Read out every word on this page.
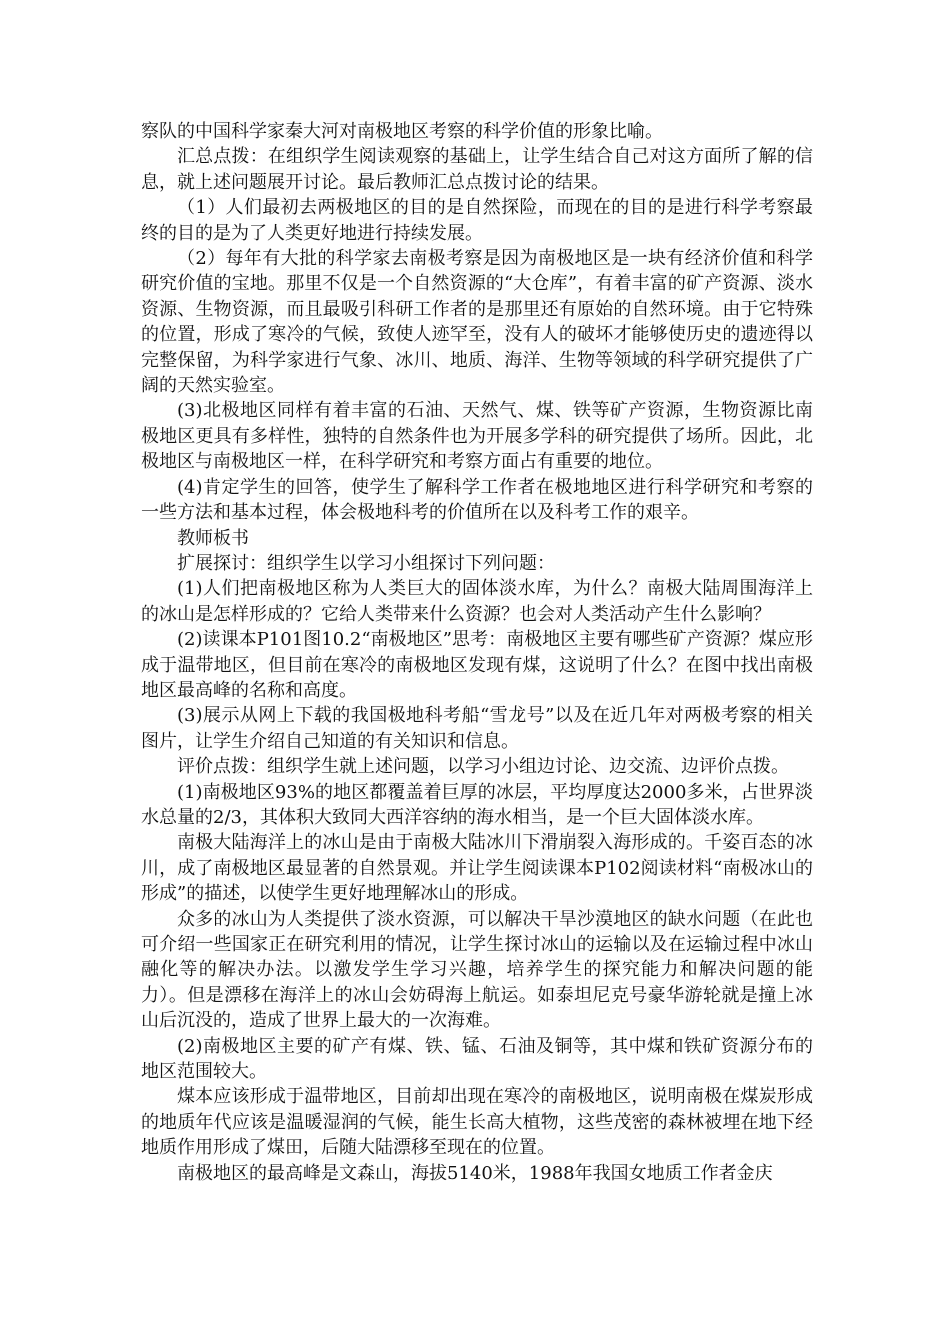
察队的中国科学家秦大河对南极地区考察的科学价值的形象比喻。

汇总点拨：在组织学生阅读观察的基础上，让学生结合自己对这方面所了解的信息，就上述问题展开讨论。最后教师汇总点拨讨论的结果。

（1）人们最初去两极地区的目的是自然探险，而现在的目的是进行科学考察最终的目的是为了人类更好地进行持续发展。

（2）每年有大批的科学家去南极考察是因为南极地区是一块有经济价值和科学研究价值的宝地。那里不仅是一个自然资源的“大仓库”，有着丰富的矿产资源、淡水资源、生物资源，而且最吸引科研工作者的是那里还有原始的自然环境。由于它特殊的位置，形成了寒冷的气候，致使人迹罕至，没有人的破坏才能够使历史的遗迹得以完整保留，为科学家进行气象、冰川、地质、海洋、生物等领域的科学研究提供了广阔的天然实验室。

(3)北极地区同样有着丰富的石油、天然气、煤、铁等矿产资源，生物资源比南极地区更具有多样性，独特的自然条件也为开展多学科的研究提供了场所。因此，北极地区与南极地区一样，在科学研究和考察方面占有重要的地位。

(4)肯定学生的回答，使学生了解科学工作者在极地地区进行科学研究和考察的一些方法和基本过程，体会极地科考的价值所在以及科考工作的艰辛。

教师板书

扩展探讨：组织学生以学习小组探讨下列问题：

(1)人们把南极地区称为人类巨大的固体淡水库，为什么？南极大陆周围海洋上的冰山是怎样形成的？它给人类带来什么资源？也会对人类活动产生什么影响？

(2)读课本P101图10.2“南极地区”思考：南极地区主要有哪些矿产资源？煤应形成于温带地区，但目前在寒冷的南极地区发现有煤，这说明了什么？在图中找出南极地区最高峰的名称和高度。

(3)展示从网上下载的我国极地科考船“雪龙号”以及在近几年对两极考察的相关图片，让学生介绍自己知道的有关知识和信息。

评价点拨：组织学生就上述问题，以学习小组边讨论、边交流、边评价点拨。

(1)南极地区93%的地区都覆盖着巨厚的冰层，平均厚度达2000多米，占世界淡水总量的2/3，其体积大致同大西洋容纳的海水相当，是一个巨大固体淡水库。

南极大陆海洋上的冰山是由于南极大陆冰川下滑崩裂入海形成的。千姿百态的冰川，成了南极地区最显著的自然景观。并让学生阅读课本P102阅读材料“南极冰山的形成”的描述，以使学生更好地理解冰山的形成。

众多的冰山为人类提供了淡水资源，可以解决干旱沙漠地区的缺水问题（在此也可介绍一些国家正在研究利用的情况，让学生探讨冰山的运输以及在运输过程中冰山融化等的解决办法。以激发学生学习兴趣，培养学生的探究能力和解决问题的能力）。但是漂移在海洋上的冰山会妨碍海上航运。如泰坦尼克号豪华游轮就是撞上冰山后沉没的，造成了世界上最大的一次海难。

(2)南极地区主要的矿产有煤、铁、锰、石油及铜等，其中煤和铁矿资源分布的地区范围较大。

煤本应该形成于温带地区，目前却出现在寒冷的南极地区，说明南极在煤炭形成的地质年代应该是温暖湿润的气候，能生长高大植物，这些茂密的森林被埋在地下经地质作用形成了煤田，后随大陆漂移至现在的位置。

南极地区的最高峰是文森山，海拔5140米，1988年我国女地质工作者金庆
